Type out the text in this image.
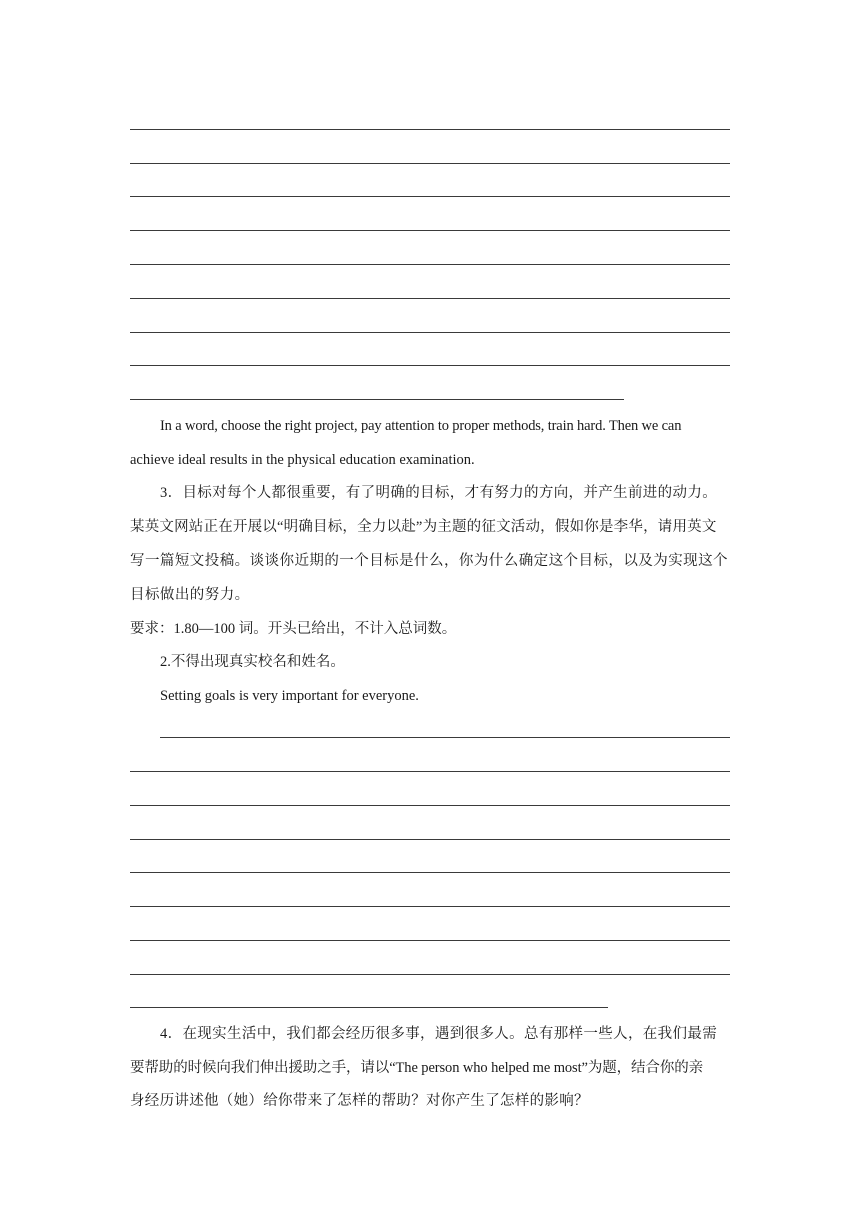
In a word, choose the right project, pay attention to proper methods, train hard. Then we can
achieve ideal results in the physical education examination.
3．目标对每个人都很重要，有了明确的目标，才有努力的方向，并产生前进的动力。
某英文网站正在开展以“明确目标，全力以赴”为主题的征文活动，假如你是李华，请用英文
写一篇短文投稿。谈谈你近期的一个目标是什么，你为什么确定这个目标，以及为实现这个
目标做出的努力。
要求：1.80—100 词。开头已给出，不计入总词数。
2.不得出现真实校名和姓名。
Setting goals is very important for everyone.
4．在现实生活中，我们都会经历很多事，遇到很多人。总有那样一些人，在我们最需
要帮助的时候向我们伸出援助之手，请以“The person who helped me most”为题，结合你的亲
身经历讲述他（她）给你带来了怎样的帮助？对你产生了怎样的影响？
